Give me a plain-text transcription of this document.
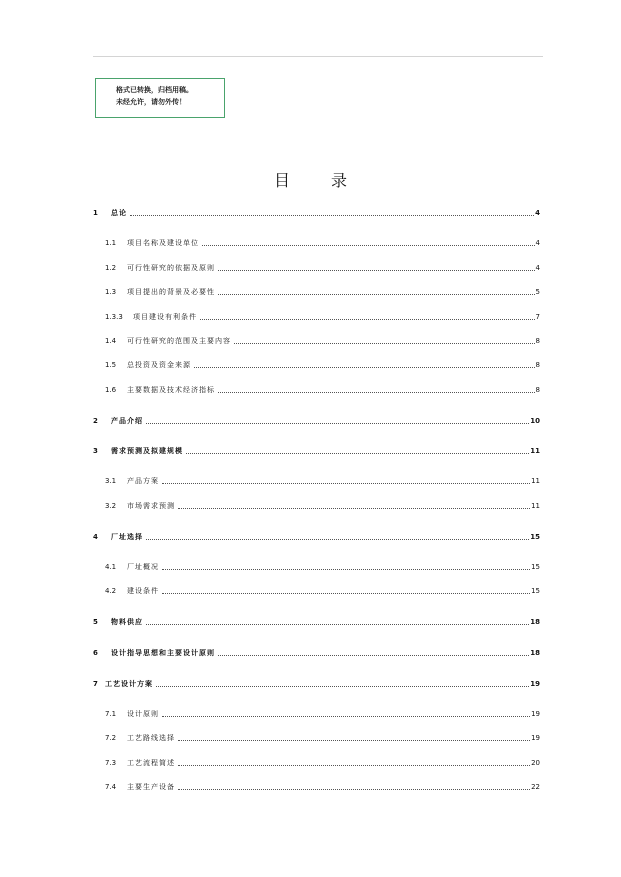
格式已转换，归档用稿。
未经允许，请勿外传！
目 录
1	总论	4
1.1	项目名称及建设单位	4
1.2	可行性研究的依据及原则	4
1.3	项目提出的背景及必要性	5
1.3.3	项目建设有利条件	7
1.4	可行性研究的范围及主要内容	8
1.5	总投资及资金来源	8
1.6	主要数据及技术经济指标	8
2	产品介绍	10
3	需求预测及拟建规模	11
3.1	产品方案	11
3.2	市场需求预测	11
4	厂址选择	15
4.1	厂址概况	15
4.2	建设条件	15
5	物料供应	18
6	设计指导思想和主要设计原则	18
7	工艺设计方案	19
7.1	设计原则	19
7.2	工艺路线选择	19
7.3	工艺流程简述	20
7.4	主要生产设备	22
